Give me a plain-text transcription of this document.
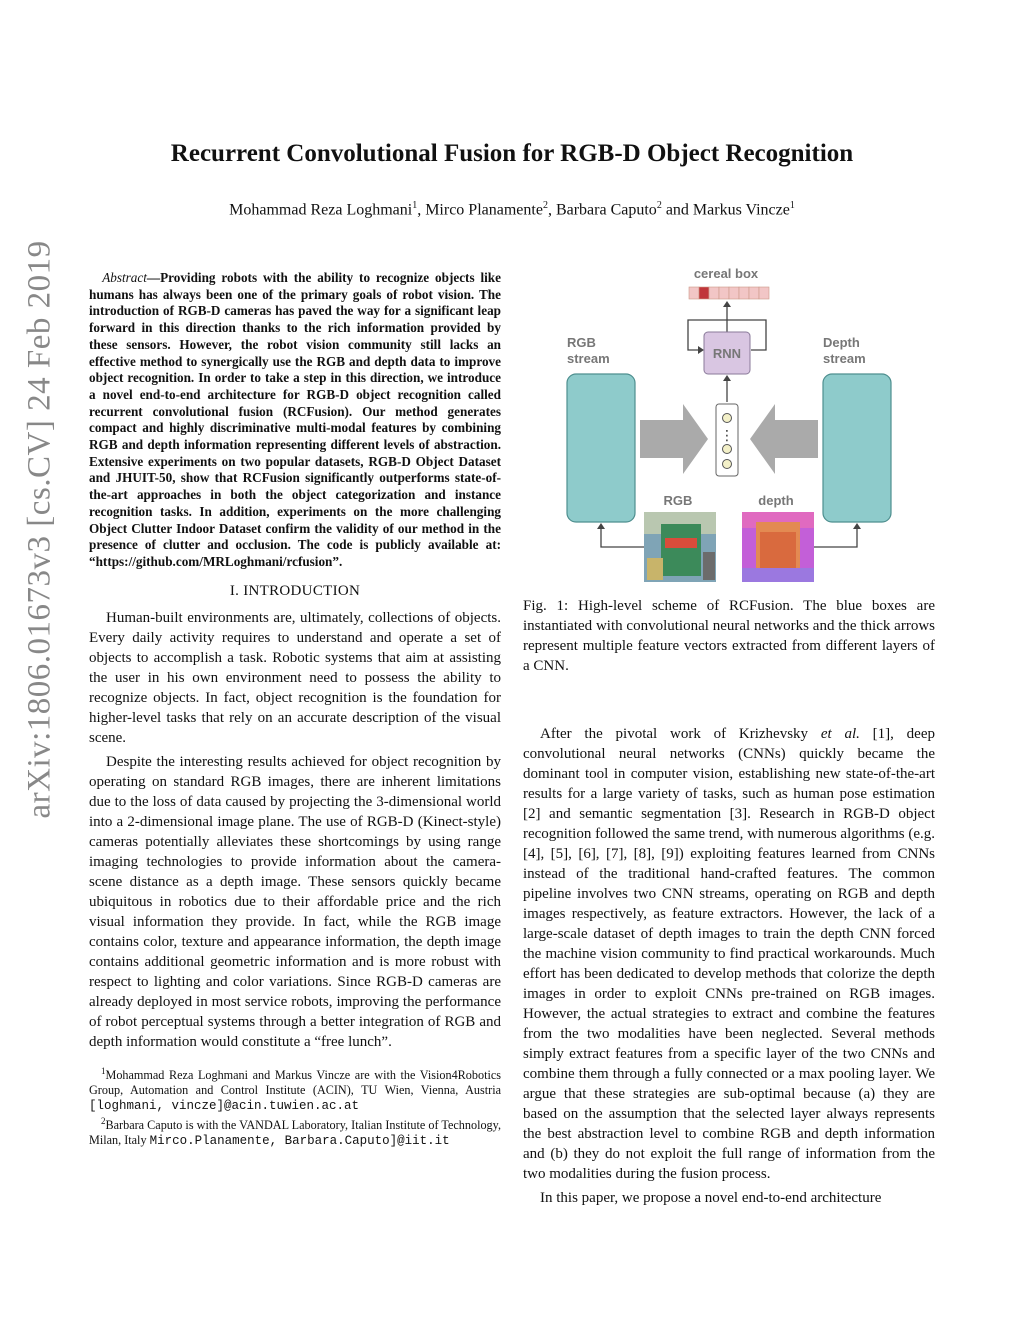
arXiv:1806.01673v3 [cs.CV] 24 Feb 2019
Recurrent Convolutional Fusion for RGB-D Object Recognition
Mohammad Reza Loghmani$^1$, Mirco Planamente$^2$, Barbara Caputo$^2$ and Markus Vincze$^1$

 Abstract—Providing robots with the ability to recognize objects like humans has always been one of the primary goals of robot vision. The introduction of RGB-D cameras has paved the way for a significant leap forward in this direction thanks to the rich information provided by these sensors. However, the robot vision community still lacks an effective method to synergically use the RGB and depth data to improve object recognition. In order to take a step in this direction, we introduce a novel end-to-end architecture for RGB-D object recognition called recurrent convolutional fusion (RCFusion). Our method generates compact and highly discriminative multi-modal features by combining RGB and depth information representing different levels of abstraction. Extensive experiments on two popular datasets, RGB-D Object Dataset and JHUIT-50, show that RCFusion significantly outperforms state-of-the-art approaches in both the object categorization and instance recognition tasks. In addition, experiments on the more challenging Object Clutter Indoor Dataset confirm the validity of our method in the presence of clutter and occlusion. The code is publicly available at: “https://github.com/MRLoghmani/rcfusion”.

I. INTRODUCTION

Human-built environments are, ultimately, collections of objects. Every daily activity requires to understand and operate a set of objects to accomplish a task. Robotic systems that aim at assisting the user in his own environment need to possess the ability to recognize objects. In fact, object recognition is the foundation for higher-level tasks that rely on an accurate description of the visual scene.

Despite the interesting results achieved for object recognition by operating on standard RGB images, there are inherent limitations due to the loss of data caused by projecting the 3-dimensional world into a 2-dimensional image plane. The use of RGB-D (Kinect-style) cameras potentially alleviates these shortcomings by using range imaging technologies to provide information about the camera-scene distance as a depth image. These sensors quickly became ubiquitous in robotics due to their affordable price and the rich visual information they provide. In fact, while the RGB image contains color, texture and appearance information, the depth image contains additional geometric information and is more robust with respect to lighting and color variations. Since RGB-D cameras are already deployed in most service robots, improving the performance of robot perceptual systems through a better integration of RGB and depth information would constitute a “free lunch”.

$^1$Mohammad Reza Loghmani and Markus Vincze are with the Vision4Robotics Group, Automation and Control Institute (ACIN), TU Wien, Vienna, Austria [loghmani, vincze]@acin.tuwien.ac.at

$^2$Barbara Caputo is with the VANDAL Laboratory, Italian Institute of Technology, Milan, Italy Mirco.Planamente, Barbara.Caputo]@iit.it

cereal box
RNN
RGB
stream
Depth
stream
⋮
RGB	depth

Fig. 1: High-level scheme of RCFusion. The blue boxes are instantiated with convolutional neural networks and the thick arrows represent multiple feature vectors extracted from different layers of a CNN.

After the pivotal work of Krizhevsky et al. [1], deep convolutional neural networks (CNNs) quickly became the dominant tool in computer vision, establishing new state-of-the-art results for a large variety of tasks, such as human pose estimation [2] and semantic segmentation [3]. Research in RGB-D object recognition followed the same trend, with numerous algorithms (e.g. [4], [5], [6], [7], [8], [9]) exploiting features learned from CNNs instead of the traditional hand-crafted features. The common pipeline involves two CNN streams, operating on RGB and depth images respectively, as feature extractors. However, the lack of a large-scale dataset of depth images to train the depth CNN forced the machine vision community to find practical workarounds. Much effort has been dedicated to develop methods that colorize the depth images in order to exploit CNNs pre-trained on RGB images. However, the actual strategies to extract and combine the features from the two modalities have been neglected. Several methods simply extract features from a specific layer of the two CNNs and combine them through a fully connected or a max pooling layer. We argue that these strategies are sub-optimal because (a) they are based on the assumption that the selected layer always represents the best abstraction level to combine RGB and depth information and (b) they do not exploit the full range of information from the two modalities during the fusion process.

In this paper, we propose a novel end-to-end architecture
